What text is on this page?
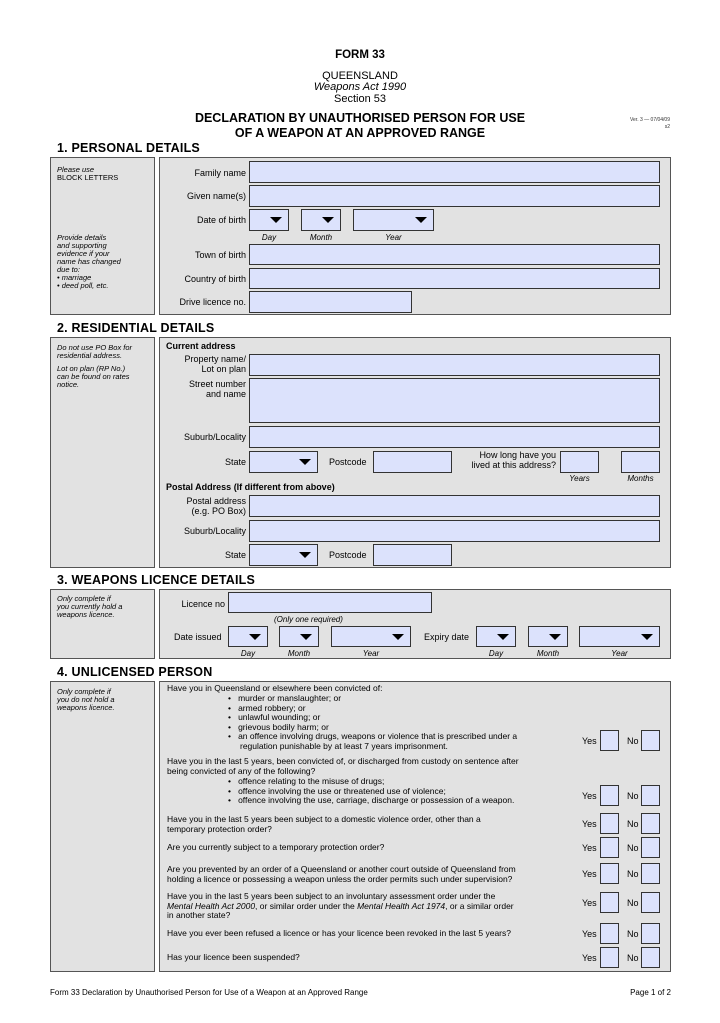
FORM 33
QUEENSLAND
Weapons Act 1990
Section 53
DECLARATION BY UNAUTHORISED PERSON FOR USE
OF A WEAPON AT AN APPROVED RANGE
Ver. 3 — 07/04/09
s2
1. PERSONAL DETAILS
Please use
BLOCK LETTERS
Provide details
and supporting
evidence if your
name has changed
due to:
• marriage
• deed poll, etc.
Family name
Given name(s)
Date of birth
Day	Month	Year
Town of birth
Country of birth
Drive licence no.
2. RESIDENTIAL DETAILS
Do not use PO Box for
residential address.
Lot on plan (RP No.)
can be found on rates
notice.
Current address
Property name/
Lot on plan
Street number
and name
Suburb/Locality
State	Postcode
How long have you
lived at this address?
Years	Months
Postal Address (If different from above)
Postal address
(e.g. PO Box)
Suburb/Locality
State	Postcode
3. WEAPONS LICENCE DETAILS
Only complete if
you currently hold a
weapons licence.
Licence no
(Only one required)
Date issued
Day	Month	Year
Expiry date
Day	Month	Year
4. UNLICENSED PERSON
Only complete if
you do not hold a
weapons licence.
Have you in Queensland or elsewhere been convicted of:
•   murder or manslaughter; or
•   armed robbery; or
•   unlawful wounding; or
•   grievous bodily harm; or
•   an offence involving drugs, weapons or violence that is prescribed under a
regulation punishable by at least 7 years imprisonment.	Yes	No
Have you in the last 5 years, been convicted of, or discharged from custody on sentence after
being convicted of any of the following?
•   offence relating to the misuse of drugs;
•   offence involving the use or threatened use of violence;
•   offence involving the use, carriage, discharge or possession of a weapon.	Yes	No
Have you in the last 5 years been subject to a domestic violence order, other than a
temporary protection order?	Yes	No
Are you currently subject to a temporary protection order?	Yes	No
Are you prevented by an order of a Queensland or another court outside of Queensland from
holding a licence or possessing a weapon unless the order permits such under supervision?	Yes	No
Have you in the last 5 years been subject to an involuntary assessment order under the
Mental Health Act 2000, or similar order under the Mental Health Act 1974, or a similar order
in another state?
Yes	No
Have you ever been refused a licence or has your licence been revoked in the last 5 years?	Yes	No
Has your licence been suspended?	Yes	No
Form 33 Declaration by Unauthorised Person for Use of a Weapon at an Approved Range	Page 1 of 2
